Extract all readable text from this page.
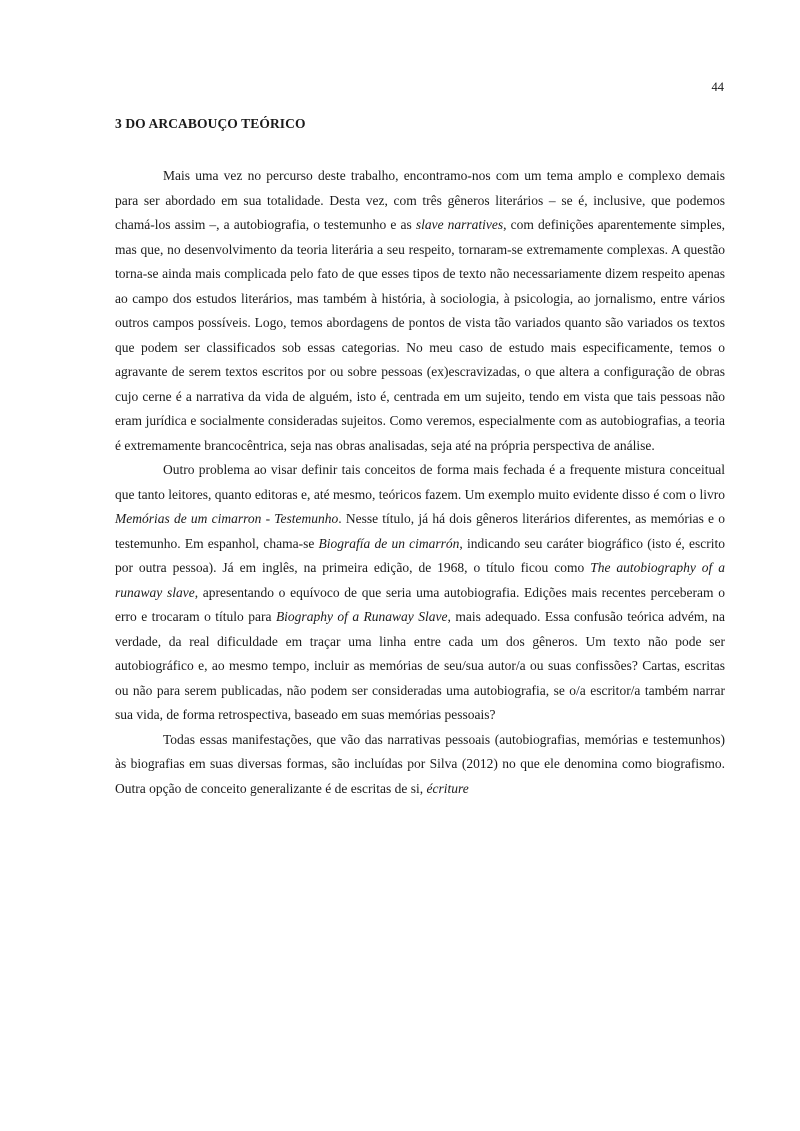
44
3 DO ARCABOUÇO TEÓRICO

Mais uma vez no percurso deste trabalho, encontramo-nos com um tema amplo e complexo demais para ser abordado em sua totalidade. Desta vez, com três gêneros literários – se é, inclusive, que podemos chamá-los assim –, a autobiografia, o testemunho e as slave narratives, com definições aparentemente simples, mas que, no desenvolvimento da teoria literária a seu respeito, tornaram-se extremamente complexas. A questão torna-se ainda mais complicada pelo fato de que esses tipos de texto não necessariamente dizem respeito apenas ao campo dos estudos literários, mas também à história, à sociologia, à psicologia, ao jornalismo, entre vários outros campos possíveis. Logo, temos abordagens de pontos de vista tão variados quanto são variados os textos que podem ser classificados sob essas categorias. No meu caso de estudo mais especificamente, temos o agravante de serem textos escritos por ou sobre pessoas (ex)escravizadas, o que altera a configuração de obras cujo cerne é a narrativa da vida de alguém, isto é, centrada em um sujeito, tendo em vista que tais pessoas não eram jurídica e socialmente consideradas sujeitos. Como veremos, especialmente com as autobiografias, a teoria é extremamente brancocêntrica, seja nas obras analisadas, seja até na própria perspectiva de análise.

Outro problema ao visar definir tais conceitos de forma mais fechada é a frequente mistura conceitual que tanto leitores, quanto editoras e, até mesmo, teóricos fazem. Um exemplo muito evidente disso é com o livro Memórias de um cimarron - Testemunho. Nesse título, já há dois gêneros literários diferentes, as memórias e o testemunho. Em espanhol, chama-se Biografía de un cimarrón, indicando seu caráter biográfico (isto é, escrito por outra pessoa). Já em inglês, na primeira edição, de 1968, o título ficou como The autobiography of a runaway slave, apresentando o equívoco de que seria uma autobiografia. Edições mais recentes perceberam o erro e trocaram o título para Biography of a Runaway Slave, mais adequado. Essa confusão teórica advém, na verdade, da real dificuldade em traçar uma linha entre cada um dos gêneros. Um texto não pode ser autobiográfico e, ao mesmo tempo, incluir as memórias de seu/sua autor/a ou suas confissões? Cartas, escritas ou não para serem publicadas, não podem ser consideradas uma autobiografia, se o/a escritor/a também narrar sua vida, de forma retrospectiva, baseado em suas memórias pessoais?

Todas essas manifestações, que vão das narrativas pessoais (autobiografias, memórias e testemunhos) às biografias em suas diversas formas, são incluídas por Silva (2012) no que ele denomina como biografismo. Outra opção de conceito generalizante é de escritas de si, écriture
